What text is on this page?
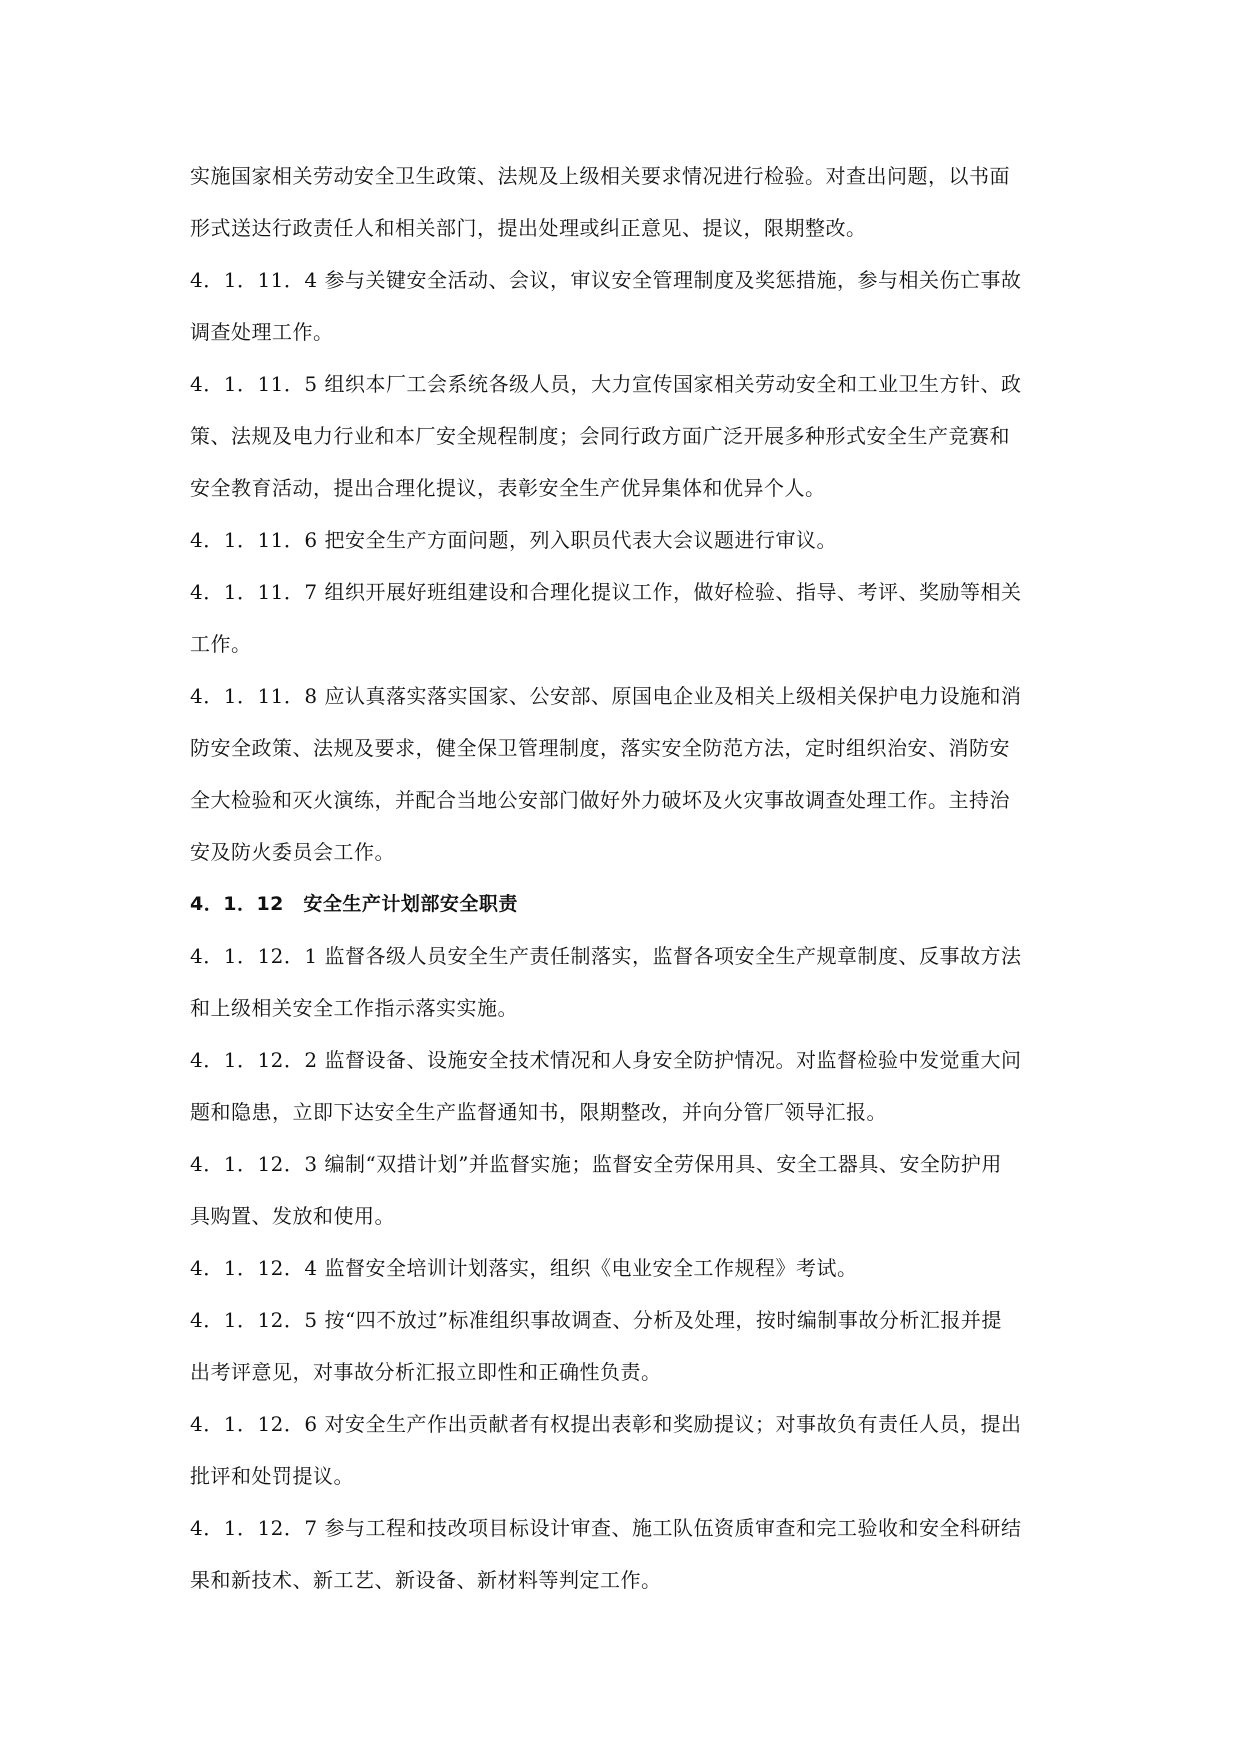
实施国家相关劳动安全卫生政策、法规及上级相关要求情况进行检验。对查出问题，以书面
形式送达行政责任人和相关部门，提出处理或纠正意见、提议，限期整改。
4．1．11．4 参与关键安全活动、会议，审议安全管理制度及奖惩措施，参与相关伤亡事故
调查处理工作。
4．1．11．5 组织本厂工会系统各级人员，大力宣传国家相关劳动安全和工业卫生方针、政
策、法规及电力行业和本厂安全规程制度；会同行政方面广泛开展多种形式安全生产竞赛和
安全教育活动，提出合理化提议，表彰安全生产优异集体和优异个人。
4．1．11．6 把安全生产方面问题，列入职员代表大会议题进行审议。
4．1．11．7 组织开展好班组建设和合理化提议工作，做好检验、指导、考评、奖励等相关
工作。
4．1．11．8 应认真落实落实国家、公安部、原国电企业及相关上级相关保护电力设施和消
防安全政策、法规及要求，健全保卫管理制度，落实安全防范方法，定时组织治安、消防安
全大检验和灭火演练，并配合当地公安部门做好外力破坏及火灾事故调查处理工作。主持治
安及防火委员会工作。
4．1．12　安全生产计划部安全职责
4．1．12．1 监督各级人员安全生产责任制落实，监督各项安全生产规章制度、反事故方法
和上级相关安全工作指示落实实施。
4．1．12．2 监督设备、设施安全技术情况和人身安全防护情况。对监督检验中发觉重大问
题和隐患，立即下达安全生产监督通知书，限期整改，并向分管厂领导汇报。
4．1．12．3 编制“双措计划”并监督实施；监督安全劳保用具、安全工器具、安全防护用
具购置、发放和使用。
4．1．12．4 监督安全培训计划落实，组织《电业安全工作规程》考试。
4．1．12．5 按“四不放过”标准组织事故调查、分析及处理，按时编制事故分析汇报并提
出考评意见，对事故分析汇报立即性和正确性负责。
4．1．12．6 对安全生产作出贡献者有权提出表彰和奖励提议；对事故负有责任人员，提出
批评和处罚提议。
4．1．12．7 参与工程和技改项目标设计审查、施工队伍资质审查和完工验收和安全科研结
果和新技术、新工艺、新设备、新材料等判定工作。
